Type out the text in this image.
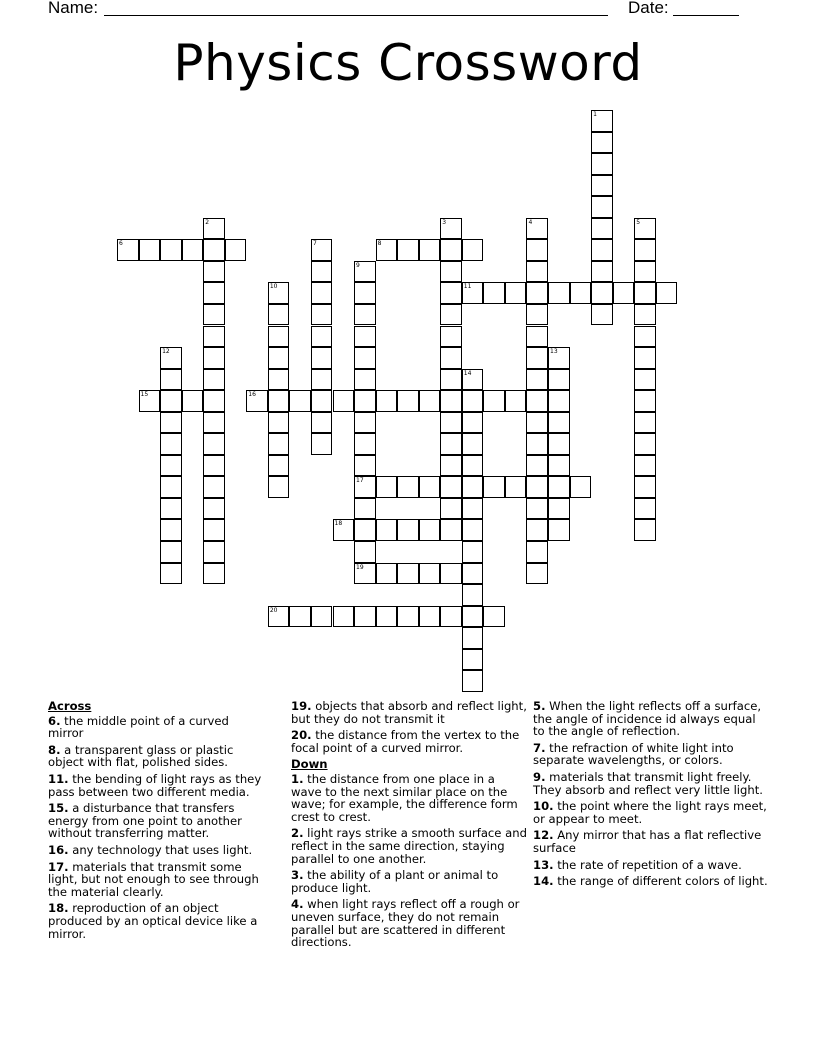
Name:	Date:
Physics Crossword
1
2	3	4	5
6	7	8
9
17
10	11
12	13
14
15	16
18
19
20
Across
6. the middle point of a curved mirror
8. a transparent glass or plastic object with flat, polished sides.
11. the bending of light rays as they pass between two different media.
15. a disturbance that transfers energy from one point to another without transferring matter.
16. any technology that uses light.
17. materials that transmit some light, but not enough to see through the material clearly.
18. reproduction of an object produced by an optical device like a mirror.
19. objects that absorb and reflect light, but they do not transmit it
20. the distance from the vertex to the focal point of a curved mirror.
Down
1. the distance from one place in a wave to the next similar place on the wave; for example, the difference form crest to crest.
2. light rays strike a smooth surface and reflect in the same direction, staying parallel to one another.
3. the ability of a plant or animal to produce light.
4. when light rays reflect off a rough or uneven surface, they do not remain parallel but are scattered in different directions.
5. When the light reflects off a surface, the angle of incidence id always equal to the angle of reflection.
7. the refraction of white light into separate wavelengths, or colors.
9. materials that transmit light freely. They absorb and reflect very little light.
10. the point where the light rays meet, or appear to meet.
12. Any mirror that has a flat reflective surface
13. the rate of repetition of a wave.
14. the range of different colors of light.
